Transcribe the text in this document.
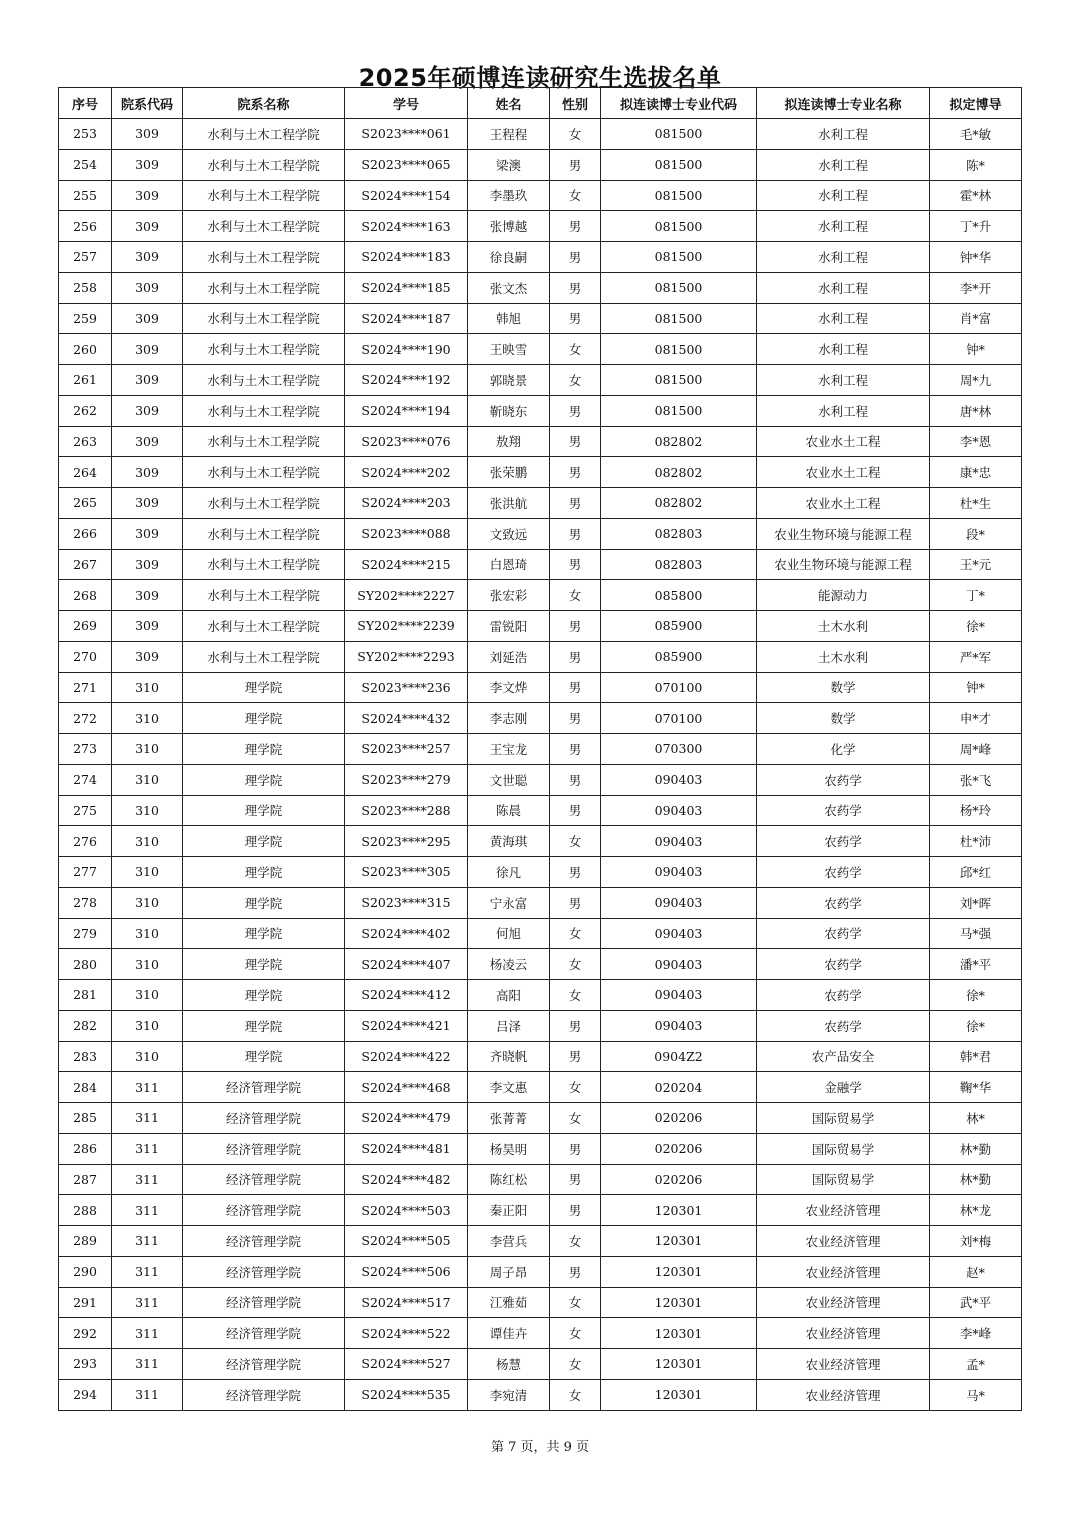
2025年硕博连读研究生选拔名单
序号	院系代码	院系名称	学号	姓名	性别	拟连读博士专业代码	拟连读博士专业名称	拟定博导
253	309	水利与土木工程学院	S2023****061	王程程	女	081500	水利工程	毛*敏
254	309	水利与土木工程学院	S2023****065	梁澳	男	081500	水利工程	陈*
255	309	水利与土木工程学院	S2024****154	李墨玖	女	081500	水利工程	霍*林
256	309	水利与土木工程学院	S2024****163	张博越	男	081500	水利工程	丁*升
257	309	水利与土木工程学院	S2024****183	徐良嗣	男	081500	水利工程	钟*华
258	309	水利与土木工程学院	S2024****185	张文杰	男	081500	水利工程	李*开
259	309	水利与土木工程学院	S2024****187	韩旭	男	081500	水利工程	肖*富
260	309	水利与土木工程学院	S2024****190	王映雪	女	081500	水利工程	钟*
261	309	水利与土木工程学院	S2024****192	郭晓景	女	081500	水利工程	周*九
262	309	水利与土木工程学院	S2024****194	靳晓东	男	081500	水利工程	唐*林
263	309	水利与土木工程学院	S2023****076	敖翔	男	082802	农业水土工程	李*恩
264	309	水利与土木工程学院	S2024****202	张荣鹏	男	082802	农业水土工程	康*忠
265	309	水利与土木工程学院	S2024****203	张洪航	男	082802	农业水土工程	杜*生
266	309	水利与土木工程学院	S2023****088	文致远	男	082803	农业生物环境与能源工程	段*
267	309	水利与土木工程学院	S2024****215	白恩琦	男	082803	农业生物环境与能源工程	王*元
268	309	水利与土木工程学院	SY202****2227	张宏彩	女	085800	能源动力	丁*
269	309	水利与土木工程学院	SY202****2239	雷锐阳	男	085900	土木水利	徐*
270	309	水利与土木工程学院	SY202****2293	刘延浩	男	085900	土木水利	严*军
271	310	理学院	S2023****236	李文烨	男	070100	数学	钟*
272	310	理学院	S2024****432	李志刚	男	070100	数学	申*才
273	310	理学院	S2023****257	王宝龙	男	070300	化学	周*峰
274	310	理学院	S2023****279	文世聪	男	090403	农药学	张*飞
275	310	理学院	S2023****288	陈晨	男	090403	农药学	杨*玲
276	310	理学院	S2023****295	黄海琪	女	090403	农药学	杜*沛
277	310	理学院	S2023****305	徐凡	男	090403	农药学	邱*红
278	310	理学院	S2023****315	宁永富	男	090403	农药学	刘*晖
279	310	理学院	S2024****402	何旭	女	090403	农药学	马*强
280	310	理学院	S2024****407	杨凌云	女	090403	农药学	潘*平
281	310	理学院	S2024****412	高阳	女	090403	农药学	徐*
282	310	理学院	S2024****421	吕泽	男	090403	农药学	徐*
283	310	理学院	S2024****422	齐晓帆	男	0904Z2	农产品安全	韩*君
284	311	经济管理学院	S2024****468	李文惠	女	020204	金融学	鞠*华
285	311	经济管理学院	S2024****479	张菁菁	女	020206	国际贸易学	林*
286	311	经济管理学院	S2024****481	杨昊明	男	020206	国际贸易学	林*勤
287	311	经济管理学院	S2024****482	陈红松	男	020206	国际贸易学	林*勤
288	311	经济管理学院	S2024****503	秦正阳	男	120301	农业经济管理	林*龙
289	311	经济管理学院	S2024****505	李营兵	女	120301	农业经济管理	刘*梅
290	311	经济管理学院	S2024****506	周子昂	男	120301	农业经济管理	赵*
291	311	经济管理学院	S2024****517	江雅茹	女	120301	农业经济管理	武*平
292	311	经济管理学院	S2024****522	谭佳卉	女	120301	农业经济管理	李*峰
293	311	经济管理学院	S2024****527	杨慧	女	120301	农业经济管理	孟*
294	311	经济管理学院	S2024****535	李宛清	女	120301	农业经济管理	马*
第 7 页，共 9 页
